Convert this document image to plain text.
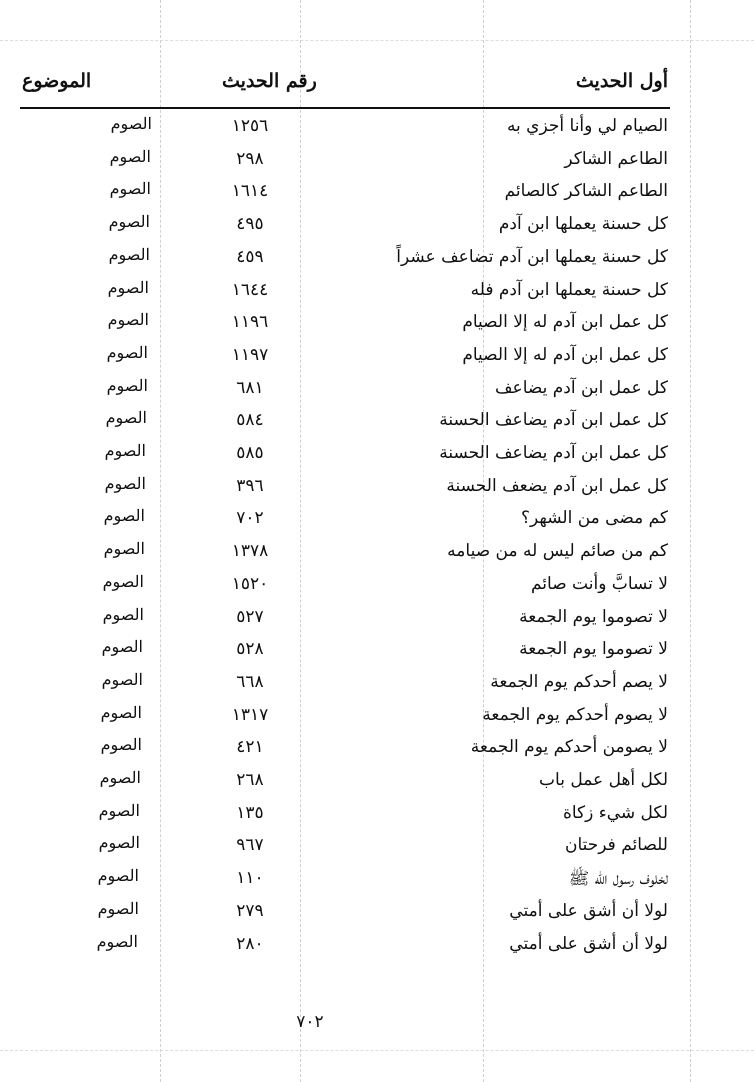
أول الحديث
رقم الحديث
الموضوع
الصيام لي وأنا أجزي به
١٢٥٦
الصوم
الطاعم الشاكر
٢٩٨
الصوم
الطاعم الشاكر كالصائم
١٦١٤
الصوم
كل حسنة يعملها ابن آدم
٤٩٥
الصوم
كل حسنة يعملها ابن آدم تضاعف عشراً
٤٥٩
الصوم
كل حسنة يعملها ابن آدم فله
١٦٤٤
الصوم
كل عمل ابن آدم له إلا الصيام
١١٩٦
الصوم
كل عمل ابن آدم له إلا الصيام
١١٩٧
الصوم
كل عمل ابن آدم يضاعف
٦٨١
الصوم
كل عمل ابن آدم يضاعف الحسنة
٥٨٤
الصوم
كل عمل ابن آدم يضاعف الحسنة
٥٨٥
الصوم
كل عمل ابن آدم يضعف الحسنة
٣٩٦
الصوم
كم مضى من الشهر؟
٧٠٢
الصوم
كم من صائم ليس له من صيامه
١٣٧٨
الصوم
لا تسابَّ وأنت صائم
١٥٢٠
الصوم
لا تصوموا يوم الجمعة
٥٢٧
الصوم
لا تصوموا يوم الجمعة
٥٢٨
الصوم
لا يصم أحدكم يوم الجمعة
٦٦٨
الصوم
لا يصوم أحدكم يوم الجمعة
١٣١٧
الصوم
لا يصومن أحدكم يوم الجمعة
٤٢١
الصوم
لكل أهل عمل باب
٢٦٨
الصوم
لكل شيء زكاة
١٣٥
الصوم
للصائم فرحتان
٩٦٧
الصوم
لخلوف رسول الله ﷺ
١١٠
الصوم
لولا أن أشق على أمتي
٢٧٩
الصوم
لولا أن أشق على أمتي
٢٨٠
الصوم
٧٠٢
